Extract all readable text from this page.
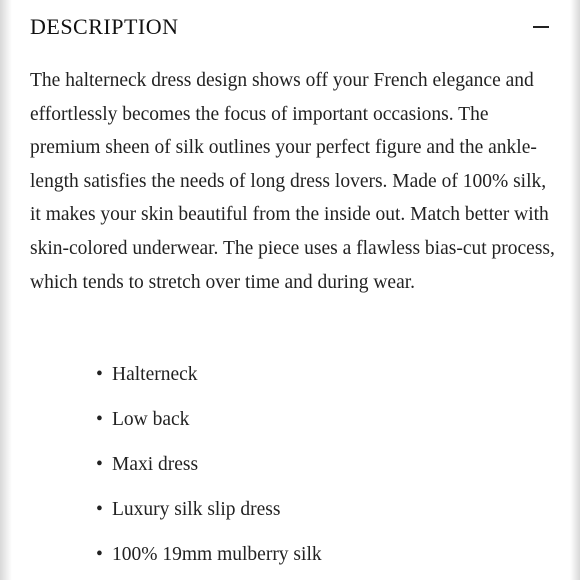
DESCRIPTION

The halterneck dress design shows off your French elegance and effortlessly becomes the focus of important occasions. The premium sheen of silk outlines your perfect figure and the ankle-length satisfies the needs of long dress lovers. Made of 100% silk, it makes your skin beautiful from the inside out. Match better with skin-colored underwear. The piece uses a flawless bias-cut process, which tends to stretch over time and during wear.

• Halterneck
• Low back
• Maxi dress
• Luxury silk slip dress
• 100% 19mm mulberry silk
